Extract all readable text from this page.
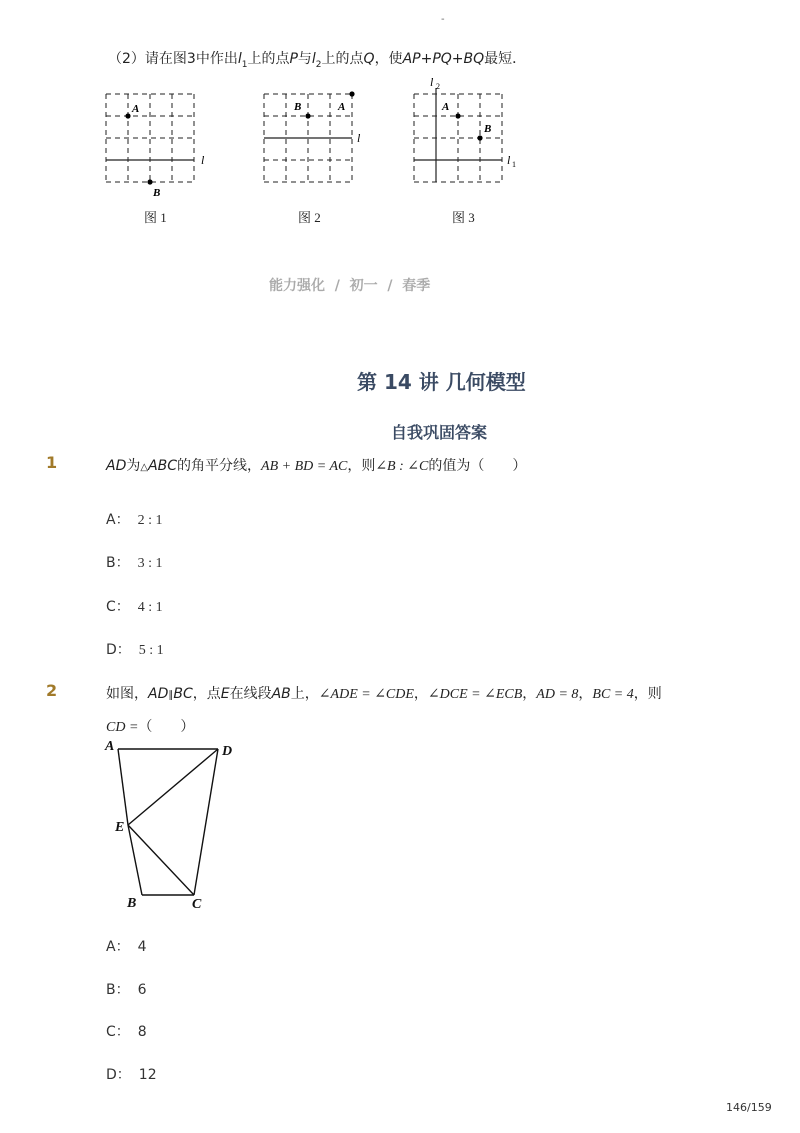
-
（2）请在图3中作出$l_1$上的点P与$l_2$上的点Q，使AP+PQ+BQ最短．
A
B
l
图 1
B	A
l
图 2
A
B
l 2
l 1
图 3
能力强化  /  初一  /  春季
第 14 讲 几何模型
自我巩固答案
1	AD为△ABC的角平分线，AB + BD = AC，则∠B : ∠C的值为（　　）
A： 2 : 1
B： 3 : 1
C： 4 : 1
D： 5 : 1
2	如图，AD∥BC，点E在线段AB上，∠ADE = ∠CDE，∠DCE = ∠ECB，AD = 8，BC = 4，则
CD =（　　）
A	D
E
B	C
A： 4
B： 6
C： 8
D： 12
146/159
